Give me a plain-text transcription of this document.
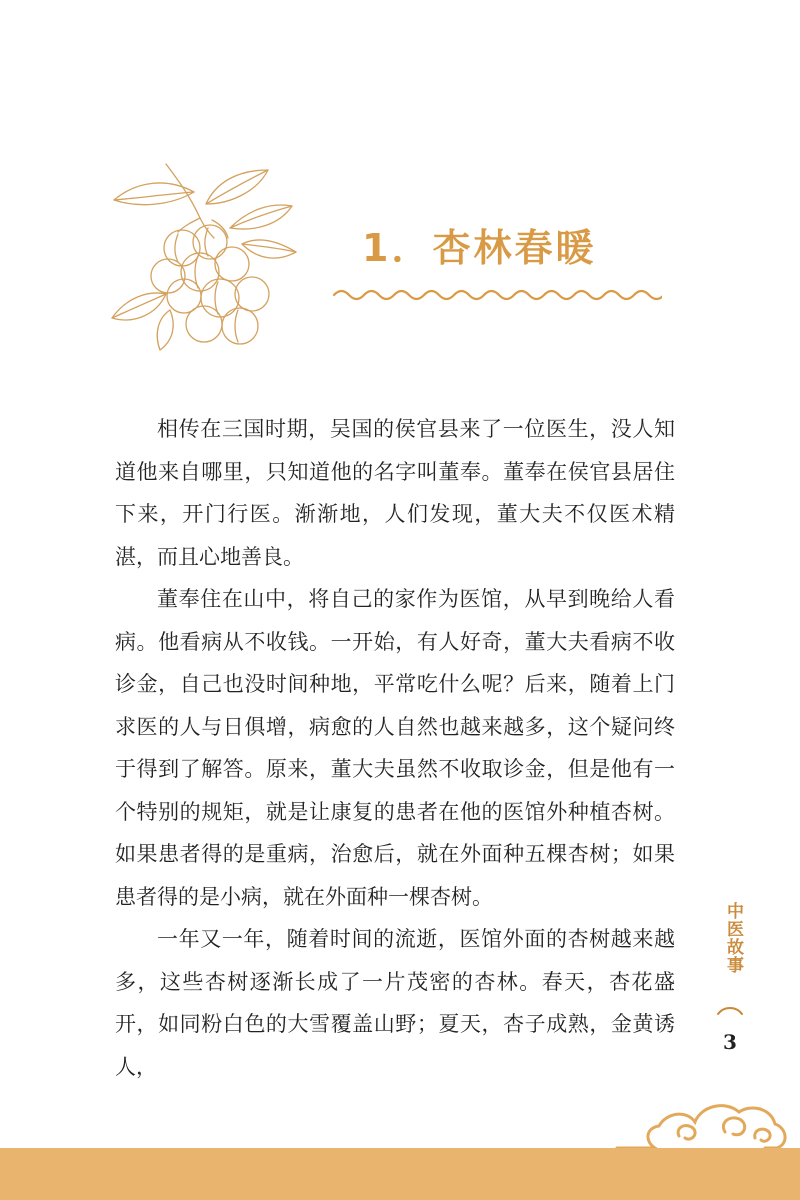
1．杏林春暖

相传在三国时期，吴国的侯官县来了一位医生，没人知道他来自哪里，只知道他的名字叫董奉。董奉在侯官县居住下来，开门行医。渐渐地，人们发现，董大夫不仅医术精湛，而且心地善良。

董奉住在山中，将自己的家作为医馆，从早到晚给人看病。他看病从不收钱。一开始，有人好奇，董大夫看病不收诊金，自己也没时间种地，平常吃什么呢？后来，随着上门求医的人与日俱增，病愈的人自然也越来越多，这个疑问终于得到了解答。原来，董大夫虽然不收取诊金，但是他有一个特别的规矩，就是让康复的患者在他的医馆外种植杏树。如果患者得的是重病，治愈后，就在外面种五棵杏树；如果患者得的是小病，就在外面种一棵杏树。

一年又一年，随着时间的流逝，医馆外面的杏树越来越多，这些杏树逐渐长成了一片茂密的杏林。春天，杏花盛开，如同粉白色的大雪覆盖山野；夏天，杏子成熟，金黄诱人，

中医故事
3
